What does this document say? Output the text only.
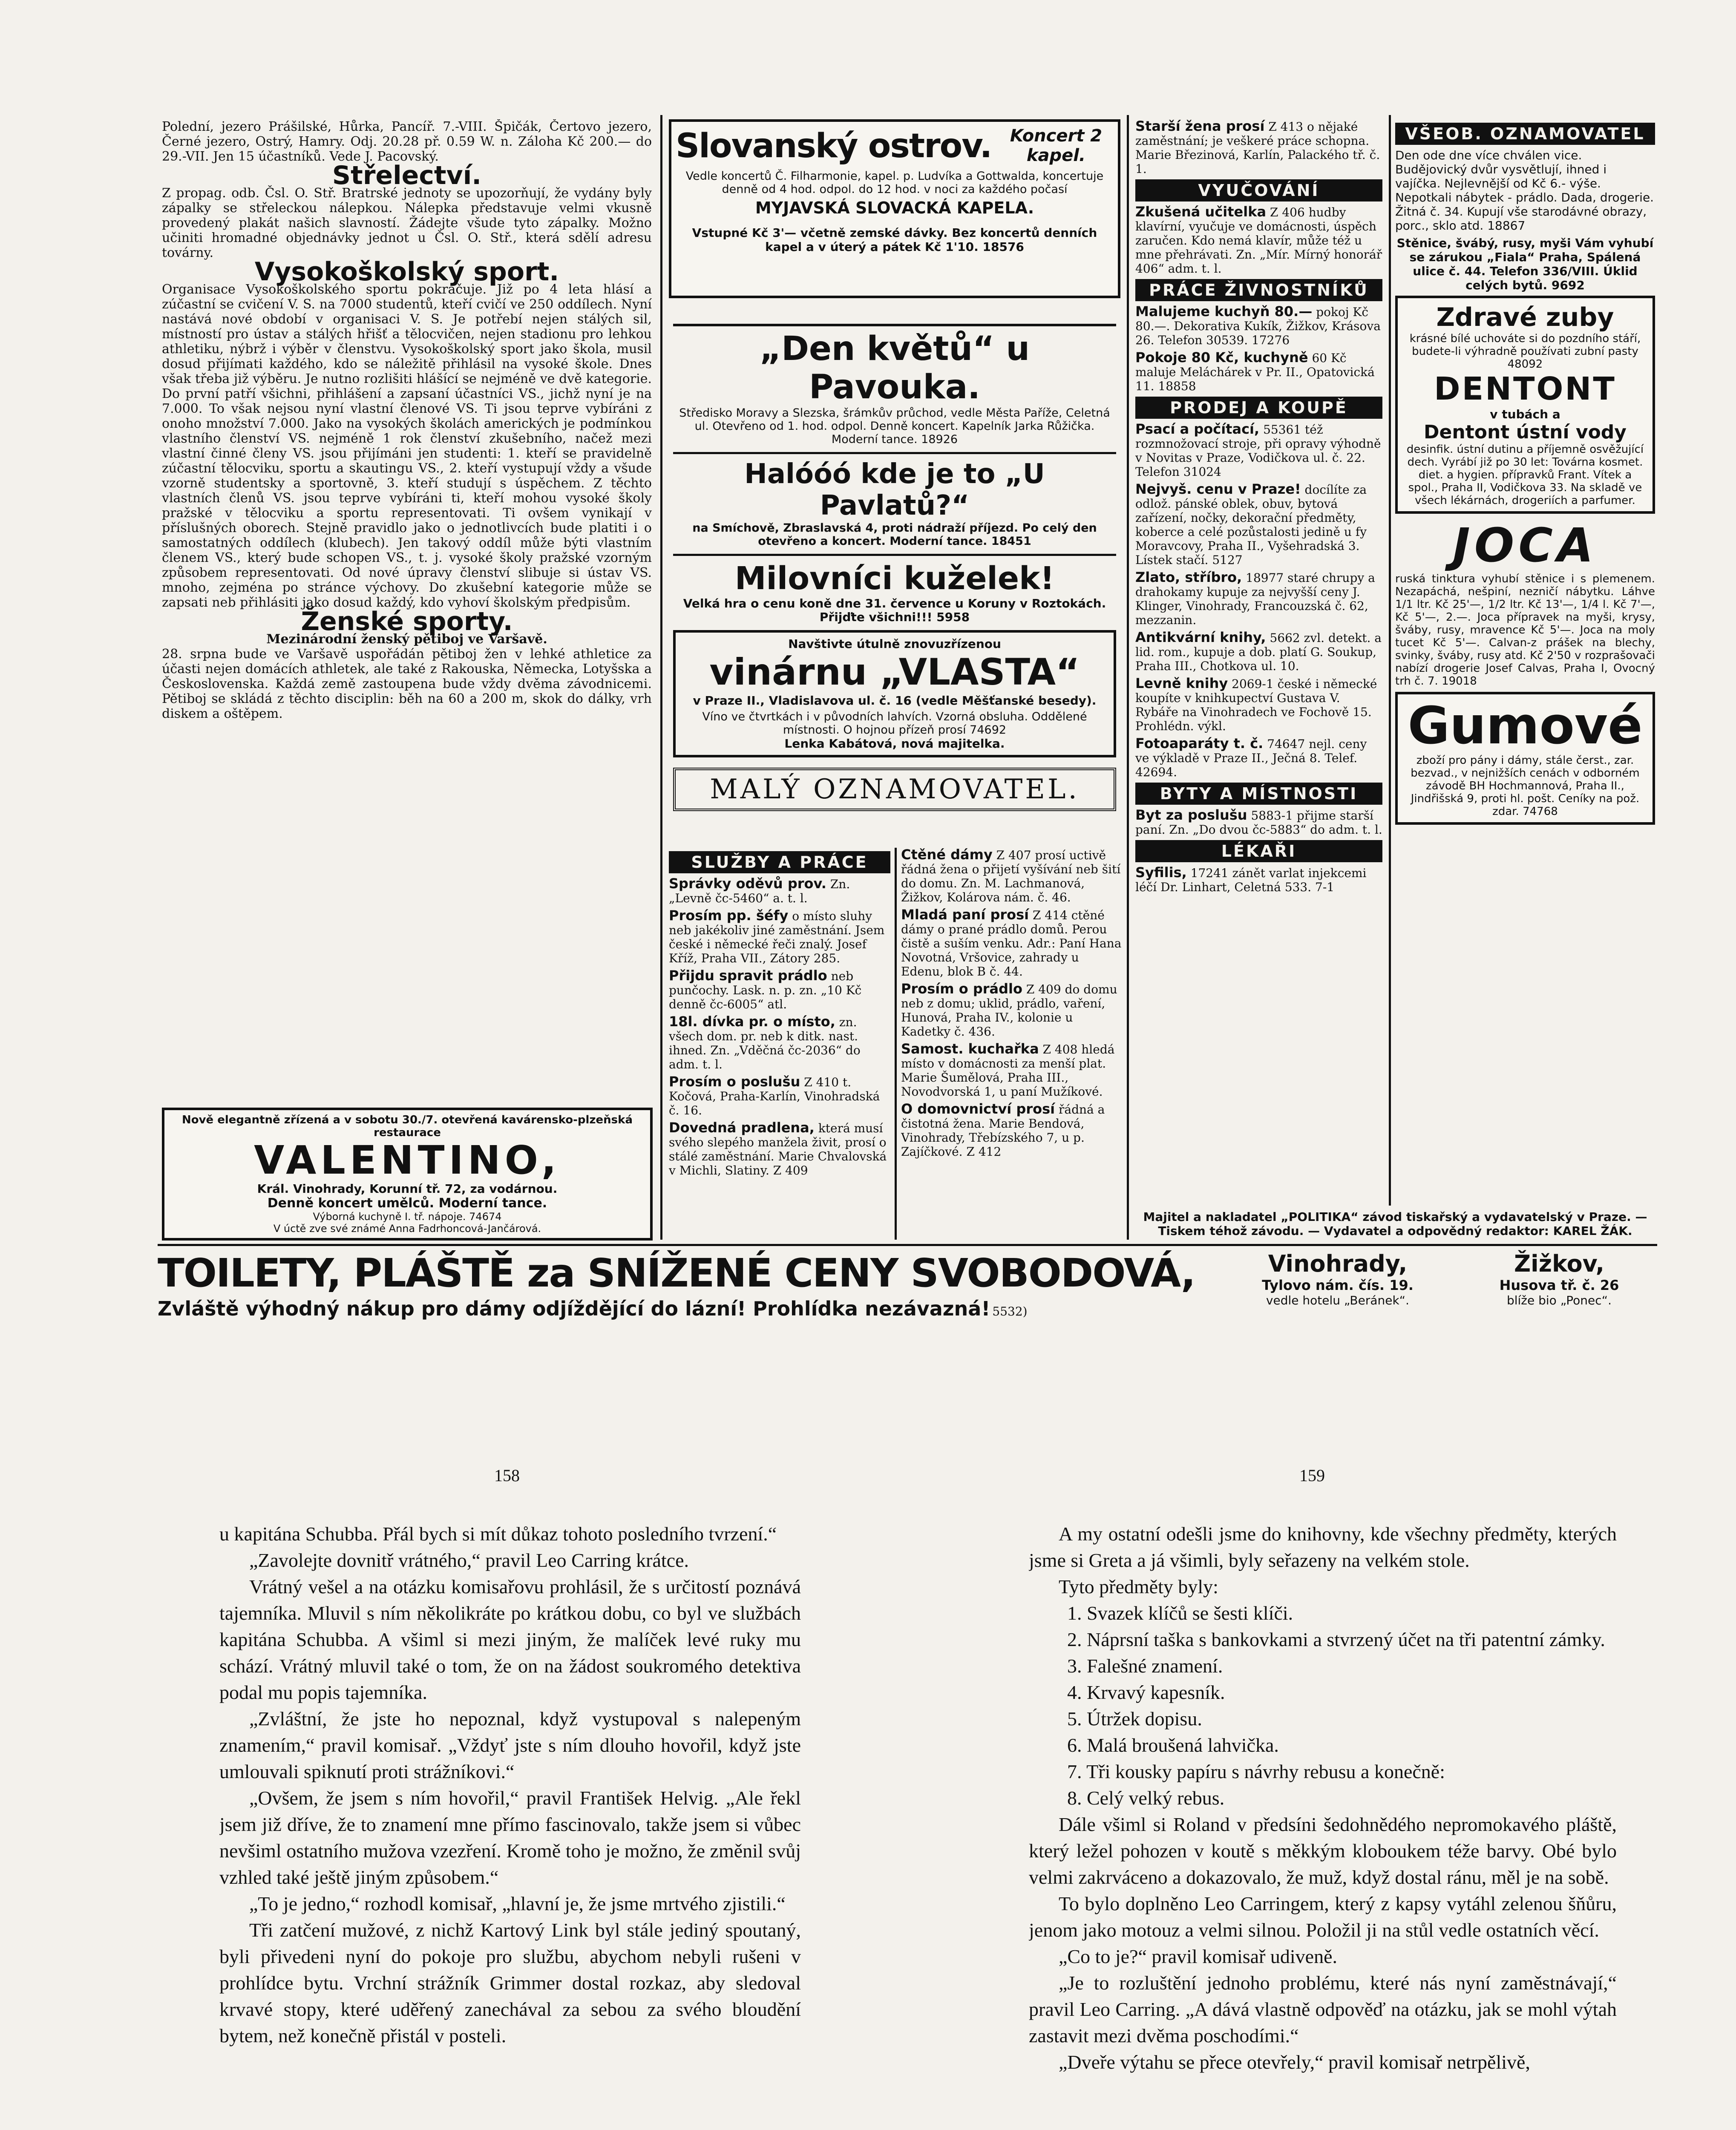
Polední, jezero Prášilské, Hůrka, Pancíř. 7.-VIII. Špičák, Čertovo jezero, Černé jezero, Ostrý, Hamry. Odj. 20.28 př. 0.59 W. n. Záloha Kč 200.— do 29.-VII. Jen 15 účastníků. Vede J. Pacovský.

Střelectví.

Z propag. odb. Čsl. O. Stř. Bratrské jednoty se upozorňují, že vydány byly zápalky se střeleckou nálepkou. Nálepka představuje velmi vkusně provedený plakát našich slavností. Žádejte všude tyto zápalky. Možno učiniti hromadné objednávky jednot u Čsl. O. Stř., která sdělí adresu továrny.

Vysokoškolský sport.

Organisace Vysokoškolského sportu pokračuje. Již po 4 leta hlásí a zúčastní se cvičení V. S. na 7000 studentů, kteří cvičí ve 250 oddílech. Nyní nastává nové období v organisaci V. S. Je potřebí nejen stálých sil, místností pro ústav a stálých hřišť a tělocvičen, nejen stadionu pro lehkou athletiku, nýbrž i výběr v členstvu. Vysokoškolský sport jako škola, musil dosud přijímati každého, kdo se náležitě přihlásil na vysoké škole. Dnes však třeba již výběru. Je nutno rozlišiti hlášící se nejméně ve dvě kategorie. Do první patří všichni, přihlášení a zapsaní účastníci VS., jichž nyní je na 7.000. To však nejsou nyní vlastní členové VS. Ti jsou teprve vybíráni z onoho množství 7.000. Jako na vysokých školách amerických je podmínkou vlastního členství VS. nejméně 1 rok členství zkušebního, načež mezi vlastní činné členy VS. jsou přijímáni jen studenti: 1. kteří se pravidelně zúčastní tělocviku, sportu a skautingu VS., 2. kteří vystupují vždy a všude vzorně studentsky a sportovně, 3. kteří studují s úspěchem. Z těchto vlastních členů VS. jsou teprve vybíráni ti, kteří mohou vysoké školy pražské v tělocviku a sportu representovati. Ti ovšem vynikají v příslušných oborech. Stejně pravidlo jako o jednotlivcích bude platiti i o samostatných oddílech (klubech). Jen takový oddíl může býti vlastním členem VS., který bude schopen VS., t. j. vysoké školy pražské vzorným způsobem representovati. Od nové úpravy členství slibuje si ústav VS. mnoho, zejména po stránce výchovy. Do zkušební kategorie může se zapsati neb přihlásiti jako dosud každý, kdo vyhoví školským předpisům.

Ženské sporty.

Mezinárodní ženský pětiboj ve Varšavě.

28. srpna bude ve Varšavě uspořádán pětiboj žen v lehké athletice za účasti nejen domácích athletek, ale také z Rakouska, Německa, Lotyšska a Československa. Každá země zastoupena bude vždy dvěma závodnicemi. Pětiboj se skládá z těchto disciplin: běh na 60 a 200 m, skok do dálky, vrh diskem a oštěpem.

Nově elegantně zřízená a v sobotu 30./7. otevřená kavárensko-plzeňská restaurace
VALENTINO,
Král. Vinohrady, Korunní tř. 72, za vodárnou.
Denně koncert umělců. Moderní tance.
Výborná kuchyně I. tř. nápoje. 74674
V úctě zve své známé Anna Fadrhoncová-Jančárová.
Slovanský ostrov.	Koncert 2 kapel.
Vedle koncertů Č. Filharmonie, kapel. p. Ludvíka a Gottwalda, koncertuje denně od 4 hod. odpol. do 12 hod. v noci za každého počasí
MYJAVSKÁ SLOVACKÁ KAPELA.
Vstupné Kč 3'— včetně zemské dávky. Bez koncertů denních kapel a v úterý a pátek Kč 1'10. 18576
„Den květů“ u Pavouka.
Středisko Moravy a Slezska, šrámkův průchod, vedle Města Paříže, Celetná ul. Otevřeno od 1. hod. odpol. Denně koncert. Kapelník Jarka Růžička. Moderní tance. 18926
Halóóó kde je to „U Pavlatů?“
na Smíchově, Zbraslavská 4, proti nádraží příjezd. Po celý den otevřeno a koncert. Moderní tance. 18451
Milovníci kuželek!
Velká hra o cenu koně dne 31. července u Koruny v Roztokách. Přijďte všichni!!! 5958
Navštivte útulně znovuzřízenou
vinárnu „VLASTA“
v Praze II., Vladislavova ul. č. 16 (vedle Měšťanské besedy).
Víno ve čtvrtkách i v původních lahvích. Vzorná obsluha. Oddělené místnosti. O hojnou přízeň prosí 74692
Lenka Kabátová, nová majitelka.
MALÝ OZNAMOVATEL.
SLUŽBY A PRÁCE
Správky oděvů prov. Zn. „Levně čc-5460“ a. t. l.
Prosím pp. šéfy o místo sluhy neb jakékoliv jiné zaměstnání. Jsem české i německé řeči znalý. Josef Kříž, Praha VII., Zátory 285.
Přijdu spravit prádlo neb punčochy. Lask. n. p. zn. „10 Kč denně čc-6005“ atl.
18l. dívka pr. o místo, zn. všech dom. pr. neb k ditk. nast. ihned. Zn. „Vděčná čc-2036“ do adm. t. l.
Prosím o poslušu Z 410 t. Kočová, Praha-Karlín, Vinohradská č. 16.
Dovedná pradlena, která musí svého slepého manžela živit, prosí o stálé zaměstnání. Marie Chvalovská v Michli, Slatiny. Z 409
Ctěné dámy Z 407 prosí uctivě řádná žena o přijetí vyšívání neb šití do domu. Zn. M. Lachmanová, Žižkov, Kolárova nám. č. 46.
Mladá paní prosí Z 414 ctěné dámy o prané prádlo domů. Perou čistě a suším venku. Adr.: Paní Hana Novotná, Vršovice, zahrady u Edenu, blok B č. 44.
Prosím o prádlo Z 409 do domu neb z domu; uklid, prádlo, vaření, Hunová, Praha IV., kolonie u Kadetky č. 436.
Samost. kuchařka Z 408 hledá místo v domácnosti za menší plat. Marie Šumělová, Praha III., Novodvorská 1, u paní Mužíkové.
O domovnictví prosí řádná a čistotná žena. Marie Bendová, Vinohrady, Třebízského 7, u p. Zajíčkové. Z 412
Starší žena prosí Z 413 o nějaké zaměstnání; je veškeré práce schopna. Marie Březinová, Karlín, Palackého tř. č. 1.
VYUČOVÁNÍ
Zkušená učitelka Z 406 hudby klavírní, vyučuje ve domácnosti, úspěch zaručen. Kdo nemá klavír, může též u mne přehrávati. Zn. „Mír. Mírný honorář 406“ adm. t. l.
PRÁCE ŽIVNOSTNÍKŮ
Malujeme kuchyň 80.— pokoj Kč 80.—. Dekorativa Kukík, Žižkov, Krásova 26. Telefon 30539. 17276
Pokoje 80 Kč, kuchyně 60 Kč maluje Meláchárek v Pr. II., Opatovická 11. 18858
PRODEJ A KOUPĚ
Psací a počítací, 55361 též rozmnožovací stroje, při opravy výhodně v Novitas v Praze, Vodičkova ul. č. 22. Telefon 31024
Nejvyš. cenu v Praze! docílíte za odlož. pánské oblek, obuv, bytová zařízení, nočky, dekorační předměty, koberce a celé pozůstalosti jedině u fy Moravcovy, Praha II., Vyšehradská 3. Lístek stačí. 5127
Zlato, stříbro, 18977 staré chrupy a drahokamy kupuje za nejvyšší ceny J. Klinger, Vinohrady, Francouzská č. 62, mezzanin.
Antikvární knihy, 5662 zvl. detekt. a lid. rom., kupuje a dob. platí G. Soukup, Praha III., Chotkova ul. 10.
Levně knihy 2069-1 české i německé koupíte v knihkupectví Gustava V. Rybáře na Vinohradech ve Fochově 15. Prohlédn. výkl.
Fotoaparáty t. č. 74647 nejl. ceny ve výkladě v Praze II., Ječná 8. Telef. 42694.
BYTY A MÍSTNOSTI
Byt za poslušu 5883-1 přijme starší paní. Zn. „Do dvou čc-5883“ do adm. t. l.
LÉKAŘI
Syfilis, 17241 zánět varlat injekcemi léčí Dr. Linhart, Celetná 533. 7-1
VŠEOB. OZNAMOVATEL
Den ode dne více chválen vice. Budějovický dvůr vysvětlují, ihned i vajíčka. Nejlevnější od Kč 6.- výše. Nepotkali nábytek - prádlo. Dada, drogerie. Žitná č. 34. Kupují vše starodávné obrazy, porc., sklo atd. 18867
Stěnice, švábý, rusy, myši Vám vyhubí se zárukou „Fiala“ Praha, Spálená ulice č. 44. Telefon 336/VIII. Úklid celých bytů. 9692
Zdravé zuby
krásné bílé uchováte si do pozdního stáří, budete-li výhradně používati zubní pasty 48092
DENTONT
v tubách a
Dentont ústní vody
desinfik. ústní dutinu a příjemně osvěžující dech. Vyrábí již po 30 let: Továrna kosmet. diet. a hygien. přípravků Frant. Vítek a spol., Praha II, Vodičkova 33. Na skladě ve všech lékárnách, drogeriích a parfumer.
JOCA
ruská tinktura vyhubí stěnice i s plemenem. Nezapáchá, nešpiní, nezničí nábytku. Láhve 1/1 ltr. Kč 25'—, 1/2 ltr. Kč 13'—, 1/4 l. Kč 7'—, Kč 5'—, 2.—. Joca přípravek na myši, krysy, šváby, rusy, mravence Kč 5'—. Joca na moly tucet Kč 5'—. Calvan-z prášek na blechy, svinky, šváby, rusy atd. Kč 2'50 v rozprašovači nabízí drogerie Josef Calvas, Praha I, Ovocný trh č. 7. 19018
Gumové
zboží pro pány i dámy, stále čerst., zar. bezvad., v nejnižších cenách v odborném závodě BH Hochmannová, Praha II., Jindřišská 9, proti hl. pošt. Ceníky na pož. zdar. 74768
Majitel a nakladatel „POLITIKA“ závod tiskařský a vydavatelský v Praze. — Tiskem téhož závodu. — Vydavatel a odpovědný redaktor: KAREL ŽÁK.
TOILETY, PLÁŠTĚ za SNÍŽENÉ CENY SVOBODOVÁ,
Zvláště výhodný nákup pro dámy odjíždějící do lázní! Prohlídka nezávazná! 5532)
Vinohrady,
Tylovo nám. čís. 19.
vedle hotelu „Beránek“.
Žižkov,
Husova tř. č. 26
blíže bio „Ponec“.
158	159

u kapitána Schubba. Přál bych si mít důkaz tohoto posledního tvrzení.“

„Zavolejte dovnitř vrátného,“ pravil Leo Carring krátce.

Vrátný vešel a na otázku komisařovu prohlásil, že s určitostí poznává tajemníka. Mluvil s ním několikráte po krátkou dobu, co byl ve službách kapitána Schubba. A všiml si mezi jiným, že malíček levé ruky mu schází. Vrátný mluvil také o tom, že on na žádost soukromého detektiva podal mu popis tajemníka.

„Zvláštní, že jste ho nepoznal, když vystupoval s nalepeným znamením,“ pravil komisař. „Vždyť jste s ním dlouho hovořil, když jste umlouvali spiknutí proti strážníkovi.“

„Ovšem, že jsem s ním hovořil,“ pravil František Helvig. „Ale řekl jsem již dříve, že to znamení mne přímo fascinovalo, takže jsem si vůbec nevšiml ostatního mužova vzezření. Kromě toho je možno, že změnil svůj vzhled také ještě jiným způsobem.“

„To je jedno,“ rozhodl komisař, „hlavní je, že jsme mrtvého zjistili.“

Tři zatčení mužové, z nichž Kartový Link byl stále jediný spoutaný, byli přivedeni nyní do pokoje pro službu, abychom nebyli rušeni v prohlídce bytu. Vrchní strážník Grimmer dostal rozkaz, aby sledoval krvavé stopy, které uděřený zanechával za sebou za svého bloudění bytem, než konečně přistál v posteli.

A my ostatní odešli jsme do knihovny, kde všechny předměty, kterých jsme si Greta a já všimli, byly seřazeny na velkém stole.

Tyto předměty byly:

1. Svazek klíčů se šesti klíči.

2. Náprsní taška s bankovkami a stvrzený účet na tři patentní zámky.

3. Falešné znamení.

4. Krvavý kapesník.

5. Útržek dopisu.

6. Malá broušená lahvička.

7. Tři kousky papíru s návrhy rebusu a konečně:

8. Celý velký rebus.

Dále všiml si Roland v předsíni šedohnědého nepromokavého pláště, který ležel pohozen v koutě s měkkým kloboukem téže barvy. Obé bylo velmi zakrváceno a dokazovalo, že muž, když dostal ránu, měl je na sobě.

To bylo doplněno Leo Carringem, který z kapsy vytáhl zelenou šňůru, jenom jako motouz a velmi silnou. Položil ji na stůl vedle ostatních věcí.

„Co to je?“ pravil komisař udiveně.

„Je to rozluštění jednoho problému, které nás nyní zaměstnávají,“ pravil Leo Carring. „A dává vlastně odpověď na otázku, jak se mohl výtah zastavit mezi dvěma poschodími.“

„Dveře výtahu se přece otevřely,“ pravil komisař netrpělivě,
